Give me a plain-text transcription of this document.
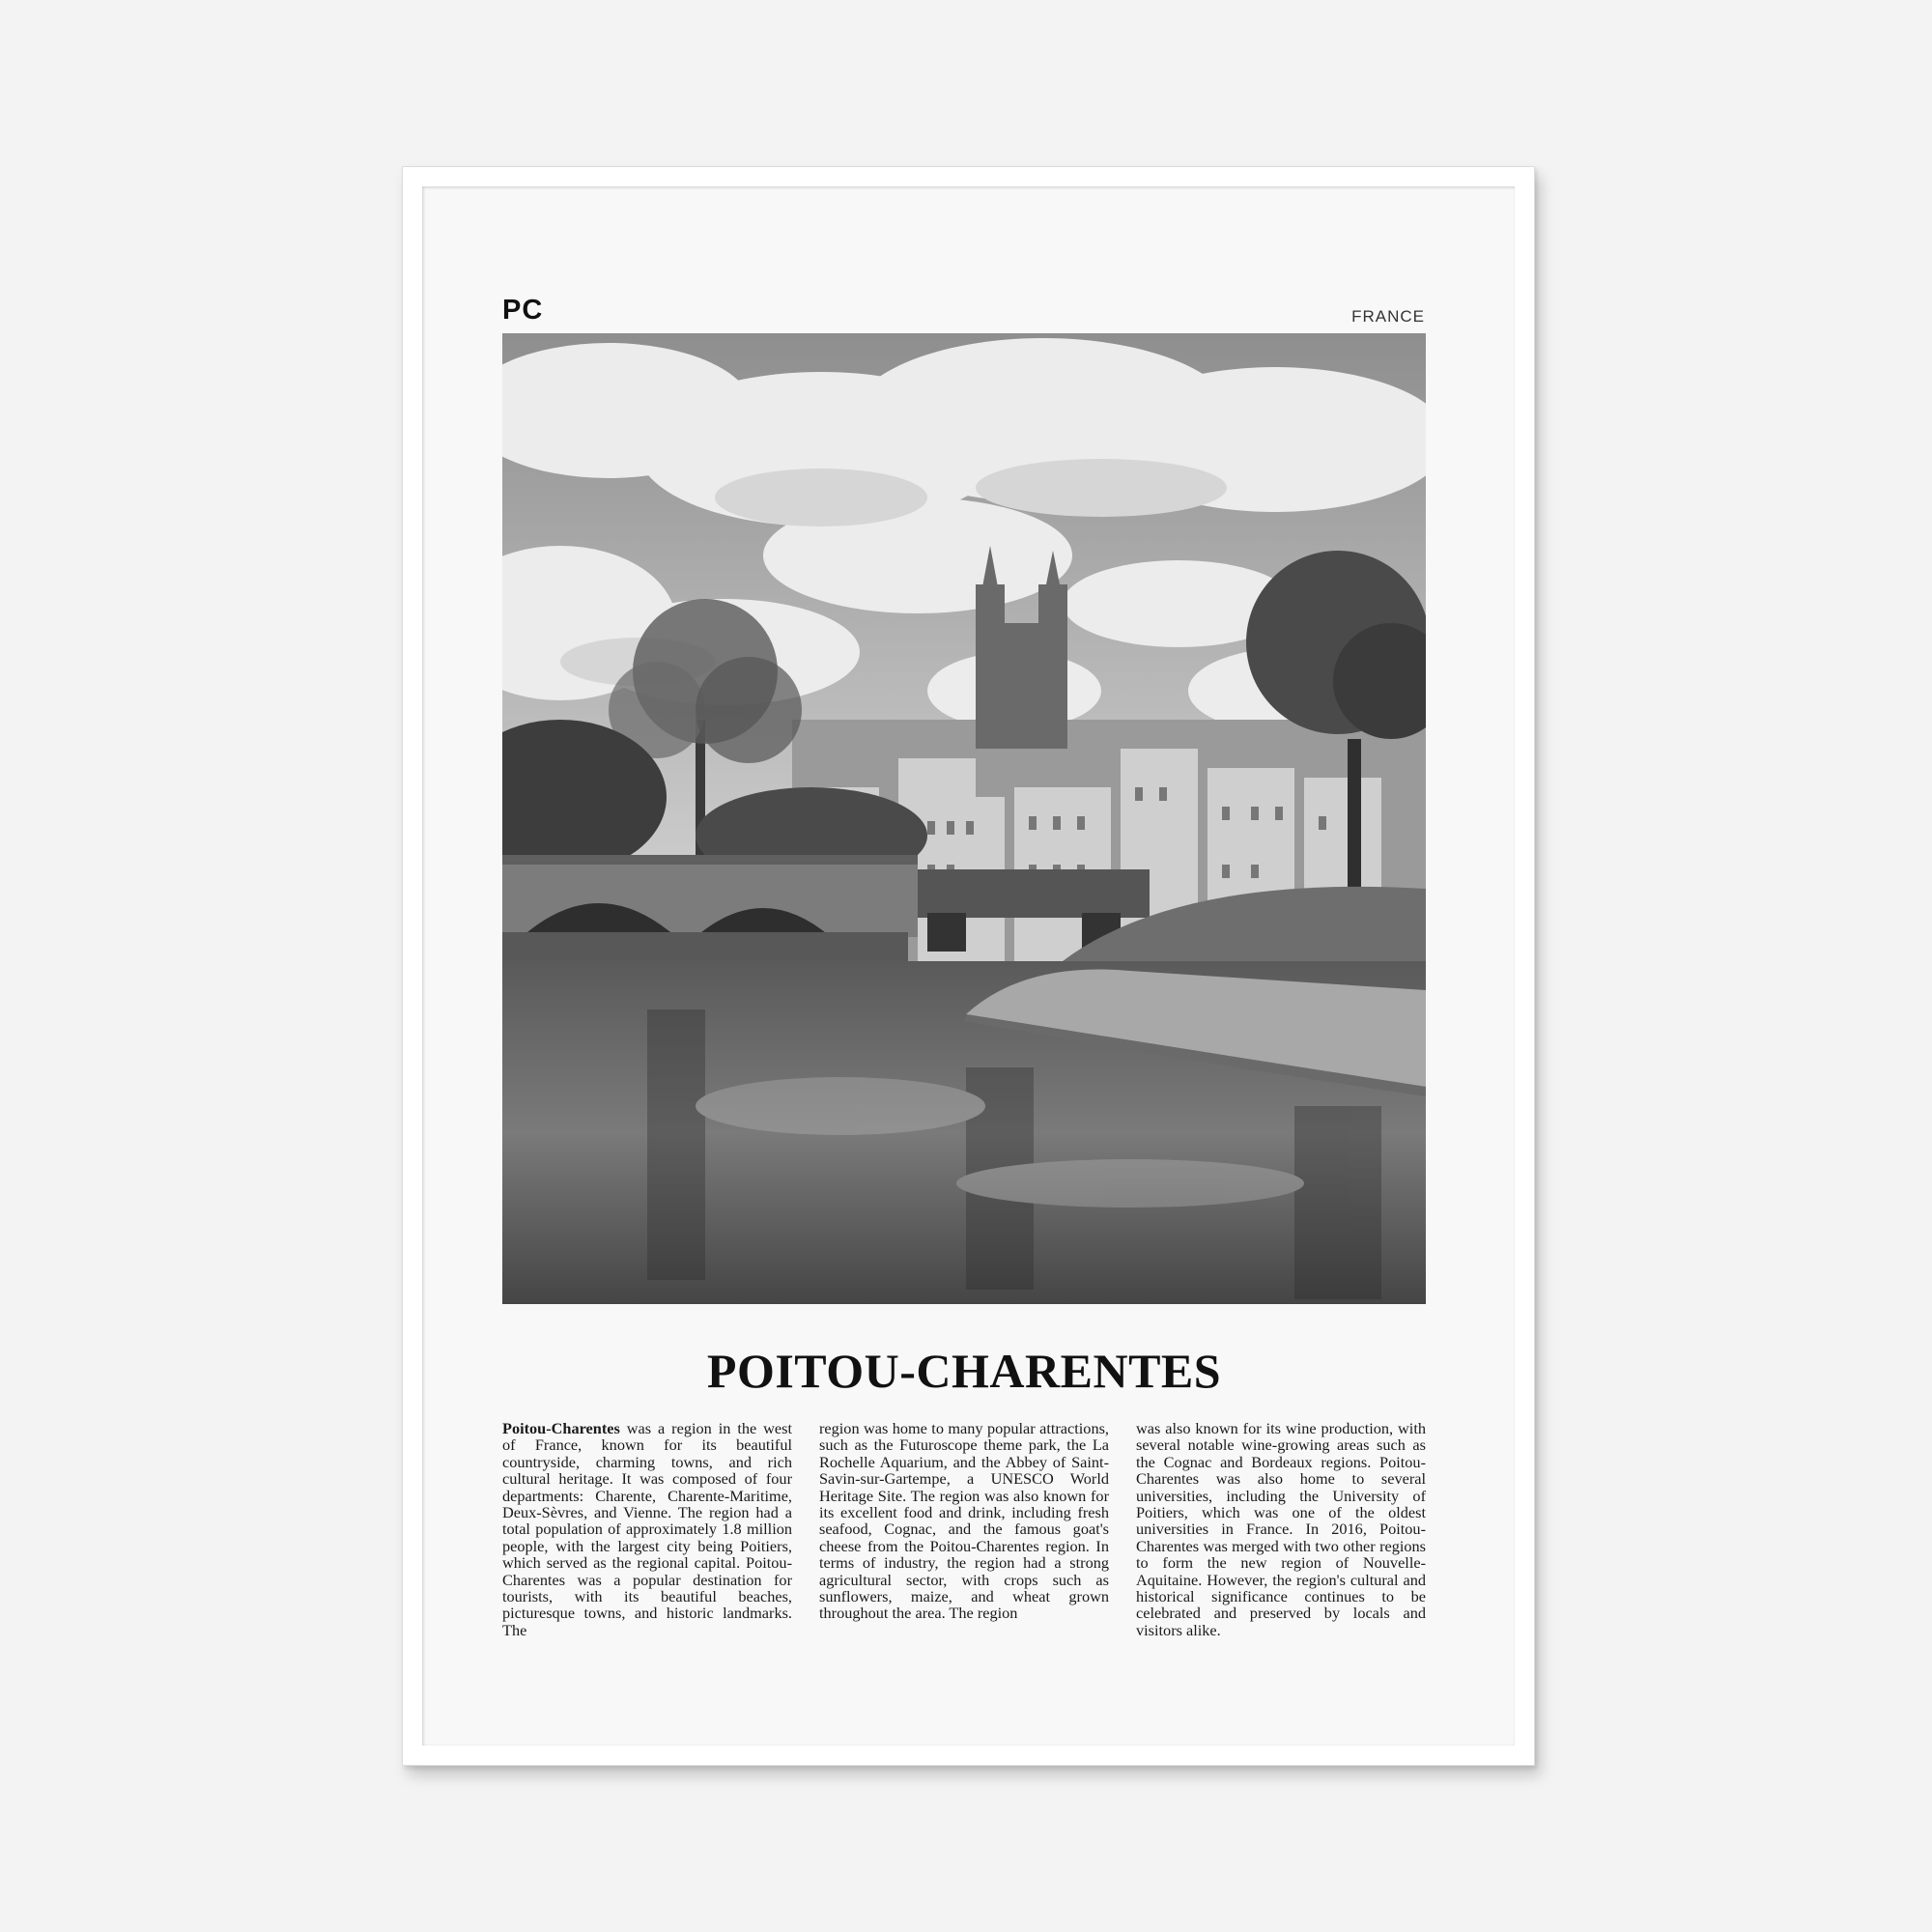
PC	FRANCE
POITOU-CHARENTES
Poitou-Charentes was a region in the west of France, known for its beautiful countryside, charming towns, and rich cultural heritage. It was composed of four departments: Charente, Charente-Maritime, Deux-Sèvres, and Vienne. The region had a total population of approximately 1.8 million people, with the largest city being Poitiers, which served as the regional capital. Poitou-Charentes was a popular destination for tourists, with its beautiful beaches, picturesque towns, and historic landmarks. The
region was home to many popular attractions, such as the Futuroscope theme park, the La Rochelle Aquarium, and the Abbey of Saint-Savin-sur-Gartempe, a UNESCO World Heritage Site. The region was also known for its excellent food and drink, including fresh seafood, Cognac, and the famous goat's cheese from the Poitou-Charentes region. In terms of industry, the region had a strong agricultural sector, with crops such as sunflowers, maize, and wheat grown throughout the area. The region
was also known for its wine production, with several notable wine-growing areas such as the Cognac and Bordeaux regions. Poitou-Charentes was also home to several universities, including the University of Poitiers, which was one of the oldest universities in France. In 2016, Poitou-Charentes was merged with two other regions to form the new region of Nouvelle-Aquitaine. However, the region's cultural and historical significance continues to be celebrated and preserved by locals and visitors alike.
